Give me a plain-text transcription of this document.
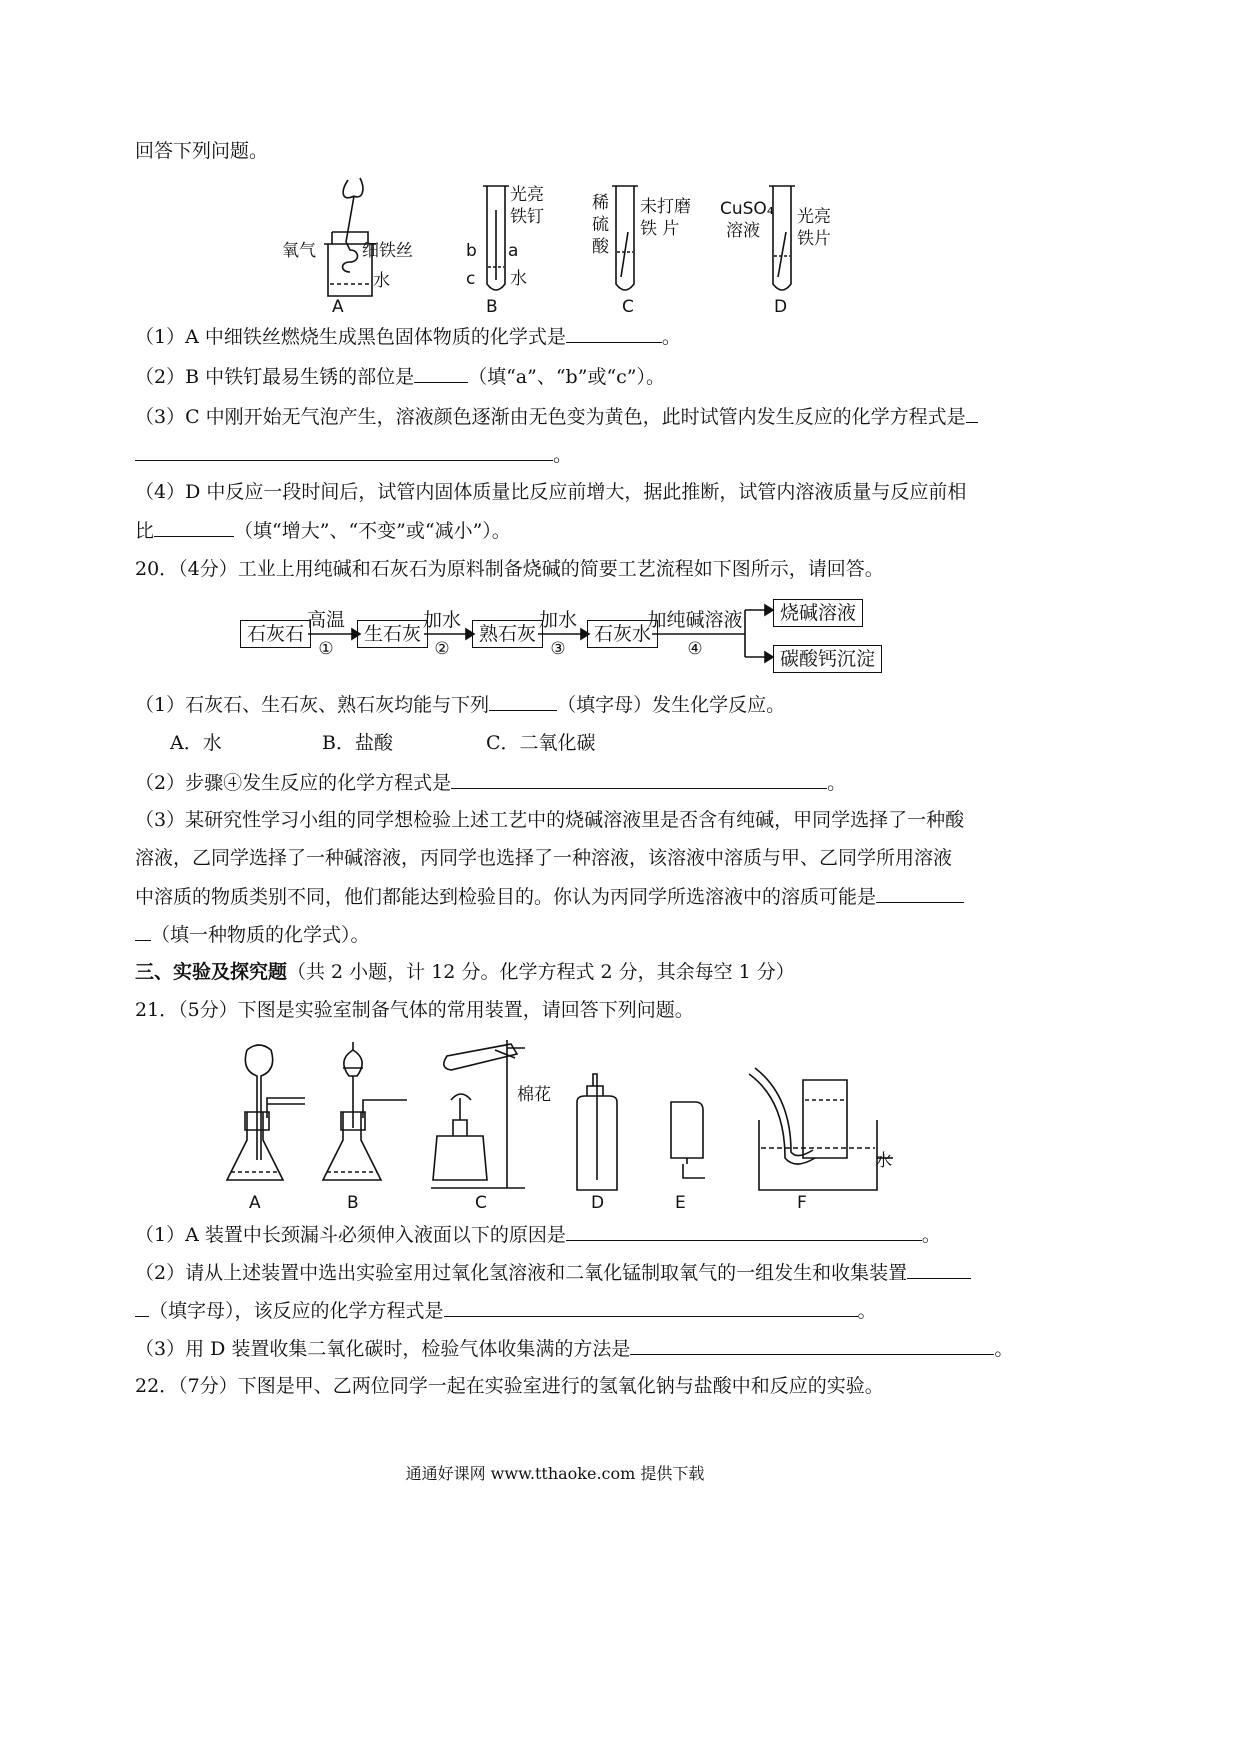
回答下列问题。
氧气	细铁丝
水
光亮
铁钉
a
b
c 水
稀
硫
酸
未打磨
铁 片
CuSO₄
溶液
光亮
铁片
A	B	C	D
（1）A 中细铁丝燃烧生成黑色固体物质的化学式是	。
（2）B 中铁钉最易生锈的部位是	（填“a”、“b”或“c”）。
（3）C 中刚开始无气泡产生，溶液颜色逐渐由无色变为黄色，此时试管内发生反应的化学方程式是
。
（4）D 中反应一段时间后，试管内固体质量比反应前增大，据此推断，试管内溶液质量与反应前相
比	（填“增大”、“不变”或“减小”）。
20．（4分）工业上用纯碱和石灰石为原料制备烧碱的简要工艺流程如下图所示，请回答。
石灰石	生石灰	熟石灰	石灰水
烧碱溶液
碳酸钙沉淀
高温
①
加水
②
加水
③
加纯碱溶液
④
（1）石灰石、生石灰、熟石灰均能与下列	（填字母）发生化学反应。
A．水	B．盐酸	C．二氧化碳
（2）步骤④发生反应的化学方程式是	。
（3）某研究性学习小组的同学想检验上述工艺中的烧碱溶液里是否含有纯碱，甲同学选择了一种酸
溶液，乙同学选择了一种碱溶液，丙同学也选择了一种溶液，该溶液中溶质与甲、乙同学所用溶液
中溶质的物质类别不同，他们都能达到检验目的。你认为丙同学所选溶液中的溶质可能是
（填一种物质的化学式）。
三、实验及探究题（共 2 小题，计 12 分。化学方程式 2 分，其余每空 1 分）
21．（5分）下图是实验室制备气体的常用装置，请回答下列问题。
棉花
水
A	B	C	D	E	F
（1）A 装置中长颈漏斗必须伸入液面以下的原因是	。
（2）请从上述装置中选出实验室用过氧化氢溶液和二氧化锰制取氧气的一组发生和收集装置
（填字母），该反应的化学方程式是	。
（3）用 D 装置收集二氧化碳时，检验气体收集满的方法是	。
22．（7分）下图是甲、乙两位同学一起在实验室进行的氢氧化钠与盐酸中和反应的实验。
通通好课网 www.tthaoke.com 提供下载
